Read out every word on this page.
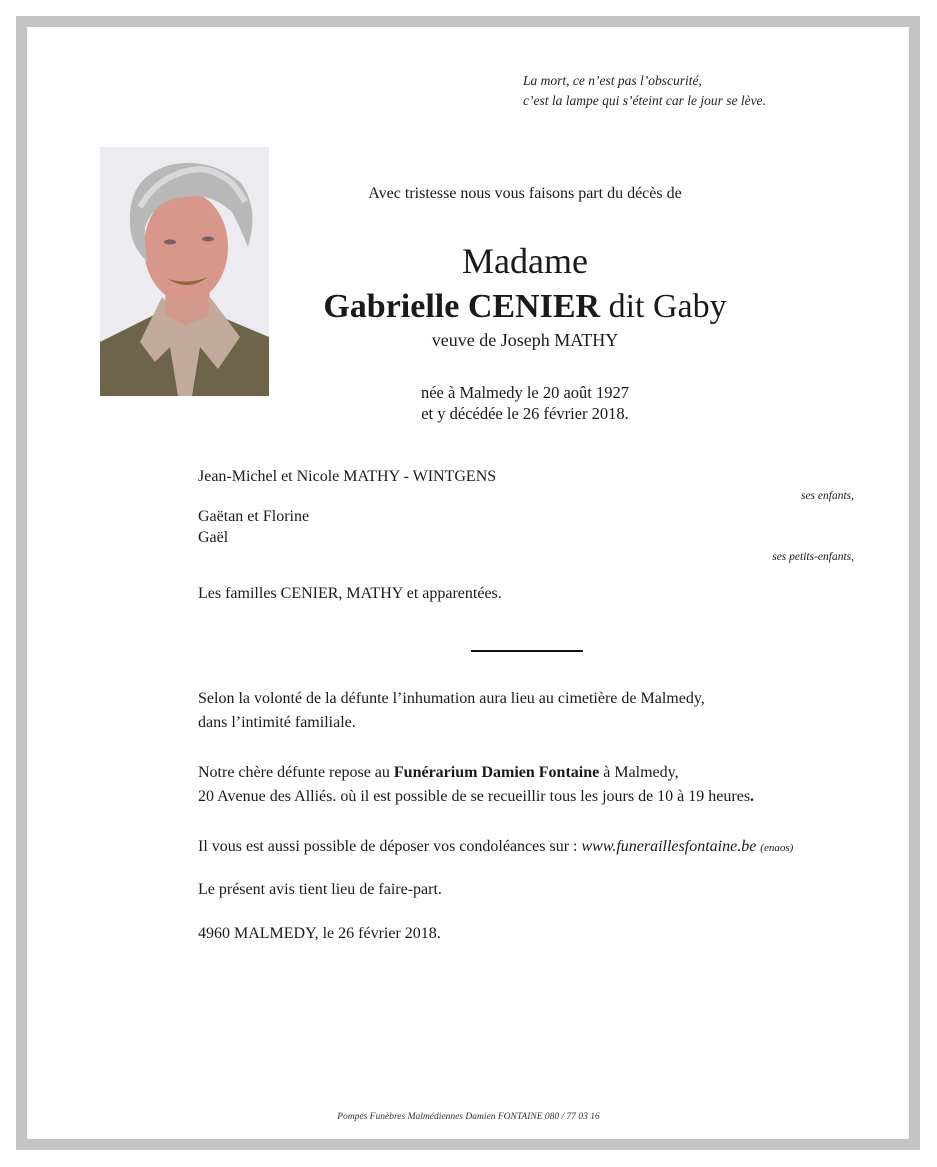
La mort, ce n’est pas l’obscurité,
c’est la lampe qui s’éteint car le jour se lève.
Avec tristesse nous vous faisons part du décès de
Madame
Gabrielle CENIER dit Gaby
veuve de Joseph MATHY
née à Malmedy le 20 août 1927
et y décédée le 26 février 2018.
Jean-Michel et Nicole MATHY - WINTGENS
ses enfants,
Gaëtan et Florine
Gaël
ses petits-enfants,
Les familles CENIER, MATHY et apparentées.
Selon la volonté de la défunte l’inhumation aura lieu au cimetière de Malmedy,
dans l’intimité familiale.
Notre chère défunte repose au Funérarium Damien Fontaine à Malmedy,
20 Avenue des Alliés. où il est possible de se recueillir tous les jours de 10 à 19 heures.
Il vous est aussi possible de déposer vos condoléances sur : www.funeraillesfontaine.be (enaos)
Le présent avis tient lieu de faire-part.
4960 MALMEDY, le 26 février 2018.
Pompes Funèbres Malmédiennes Damien FONTAINE 080 / 77 03 16
